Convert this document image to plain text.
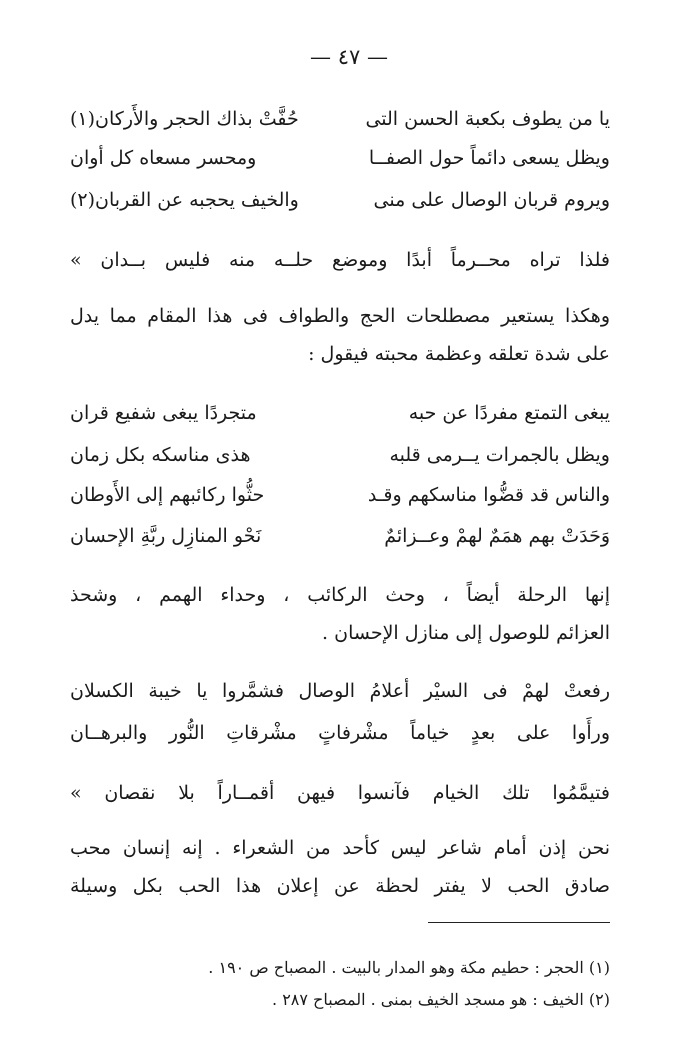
— ٤٧ —
يا من يطوف بكعبة الحسن التى
حُفَّتْ بذاك الحجر والأَركان(١)
ويظل يسعى دائماً حول الصفــا
ومحسر مسعاه كل أوان
ويروم قربان الوصال على منى
والخيف يحجبه عن القربان(٢)
فلذا تراه محــرماً أبدًا وموضع حلــه منه فليس بــدان »
وهكذا يستعير مصطلحات الحج والطواف فى هذا المقام مما يدل
على شدة تعلقه وعظمة محبته فيقول :
يبغى التمتع مفردًا عن حبه
متجردًا يبغى شفيع قران
ويظل بالجمرات يــرمى قلبه
هذى مناسكه بكل زمان
والناس قد قضُّوا مناسكهم وقـد
حثُّوا ركائبهم إلى الأَوطان
وَحَدَتْ بهم همَمٌ لهمْ وعــزائمٌ
نَحْو المنازِل ربَّةِ الإحسان
إنها الرحلة أيضاً ، وحث الركائب ، وحداء الهمم ، وشحذ
العزائم للوصول إلى منازل الإحسان .
رفعتْ لهمْ فى السيْر أعلامُ الوصال فشمَّروا يا خيبة الكسلان
ورأَوا على بعدٍ خياماً مشْرفاتٍ مشْرقاتِ النُّور والبرهــان
فتيمَّمُوا تلك الخيام فآنسوا فيهن أقمــاراً بلا نقصان »
نحن إذن أمام شاعر ليس كأحد من الشعراء . إنه إنسان محب
صادق الحب لا يفتر لحظة عن إعلان هذا الحب بكل وسيلة
(١) الحجر : حطيم مكة وهو المدار بالبيت . المصباح ص ١٩٠ .
(٢) الخيف : هو مسجد الخيف بمنى . المصباح ٢٨٧ .
